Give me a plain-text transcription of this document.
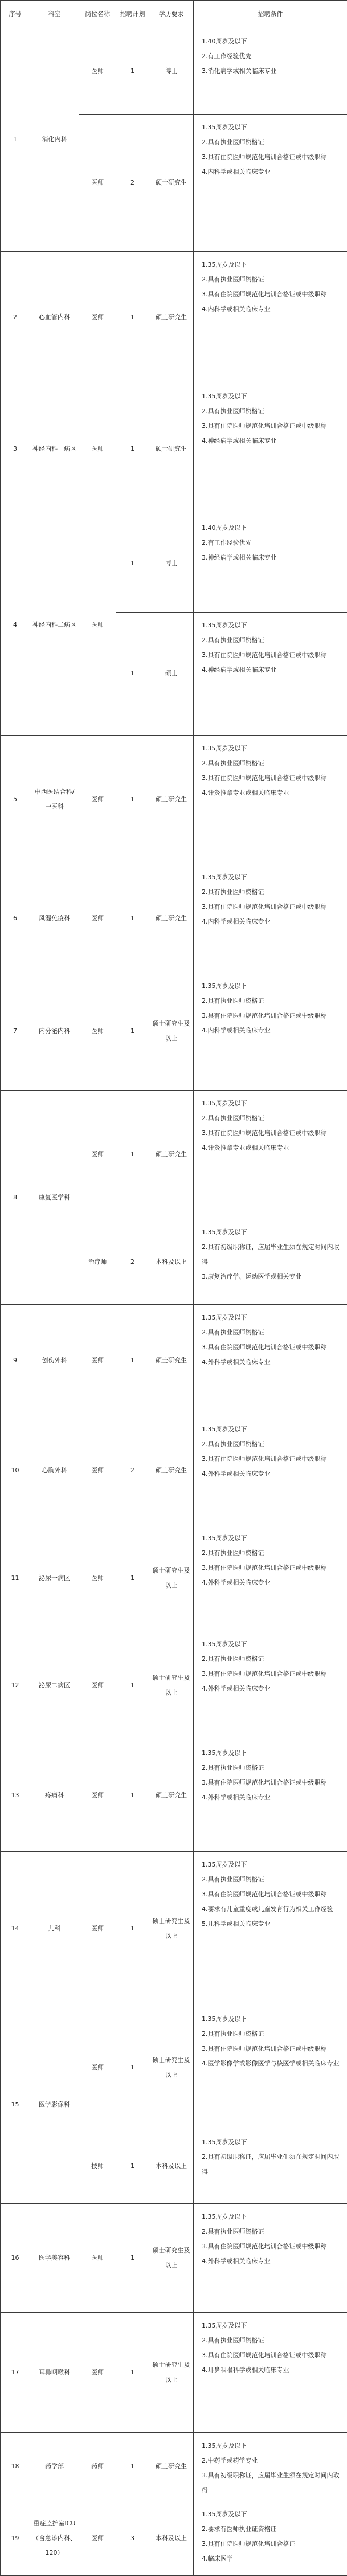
序号	科室	岗位名称	招聘计划	学历要求	招聘条件
1	消化内科	医师	1	博士	1.40周岁及以下
2.有工作经验优先
3.消化病学或相关临床专业

		医师	2	硕士研究生	1.35周岁及以下
2.具有执业医师资格证
3.具有住院医师规范化培训合格证或中级职称
4.内科学或相关临床专业

2	心血管内科	医师	1	硕士研究生	1.35周岁及以下
2.具有执业医师资格证
3.具有住院医师规范化培训合格证或中级职称
4.内科学或相关临床专业

3	神经内科一病区	医师	1	硕士研究生	1.35周岁及以下
2.具有执业医师资格证
3.具有住院医师规范化培训合格证或中级职称
4.神经病学或相关临床专业

4	神经内科二病区	医师	1	博士	1.40周岁及以下
2.有工作经验优先
3.神经病学或相关临床专业

			1	硕士	1.35周岁及以下
2.具有执业医师资格证
3.具有住院医师规范化培训合格证或中级职称
4.神经病学或相关临床专业

5	中西医结合科/中医科	医师	1	硕士研究生	1.35周岁及以下
2.具有执业医师资格证
3.具有住院医师规范化培训合格证或中级职称
4.针灸推拿专业或相关临床专业

6	风湿免疫科	医师	1	硕士研究生	1.35周岁及以下
2.具有执业医师资格证
3.具有住院医师规范化培训合格证或中级职称
4.内科学或相关临床专业

7	内分泌内科	医师	1	硕士研究生及以上	1.35周岁及以下
2.具有执业医师资格证
3.具有住院医师规范化培训合格证或中级职称
4.内科学或相关临床专业

8	康复医学科	医师	1	硕士研究生	1.35周岁及以下
2.具有执业医师资格证
3.具有住院医师规范化培训合格证或中级职称
4.针灸推拿专业或相关临床专业

		治疗师	2	本科及以上	1.35周岁及以下
2.具有初级职称证，应届毕业生须在规定时间内取得
3.康复治疗学、运动医学或相关专业

9	创伤外科	医师	1	硕士研究生	1.35周岁及以下
2.具有执业医师资格证
3.具有住院医师规范化培训合格证或中级职称
4.外科学或相关临床专业

10	心胸外科	医师	2	硕士研究生	1.35周岁及以下
2.具有执业医师资格证
3.具有住院医师规范化培训合格证或中级职称
4.外科学或相关临床专业

11	泌尿一病区	医师	1	硕士研究生及以上	1.35周岁及以下
2.具有执业医师资格证
3.具有住院医师规范化培训合格证或中级职称
4.外科学或相关临床专业

12	泌尿二病区	医师	1	硕士研究生及以上	1.35周岁及以下
2.具有执业医师资格证
3.具有住院医师规范化培训合格证或中级职称
4.外科学或相关临床专业

13	疼痛科	医师	1	硕士研究生	1.35周岁及以下
2.具有执业医师资格证
3.具有住院医师规范化培训合格证或中级职称
4.外科学或相关临床专业

14	儿科	医师	1	硕士研究生及以上	1.35周岁及以下
2.具有执业医师资格证
3.具有住院医师规范化培训合格证或中级职称
4.要求有儿童重度或儿童发育行为相关工作经验
5.儿科学或相关临床专业

15	医学影像科	医师	1	硕士研究生及以上	1.35周岁及以下
2.具有执业医师资格证
3.具有住院医师规范化培训合格证或中级职称
4.医学影像学或影像医学与核医学或相关临床专业

		技师	1	本科及以上	1.35周岁及以下
2.具有初级职称证，应届毕业生须在规定时间内取得

16	医学美容科	医师	1	硕士研究生及以上	1.35周岁及以下
2.具有执业医师资格证
3.具有住院医师规范化培训合格证或中级职称
4.外科学或相关临床专业

17	耳鼻咽喉科	医师	1	硕士研究生及以上	1.35周岁及以下
2.具有执业医师资格证
3.具有住院医师规范化培训合格证或中级职称
4.耳鼻咽喉科学或相关临床专业

18	药学部	药师	1	硕士研究生	1.35周岁及以下
2.中药学或药学专业
3.具有初级职称证，应届毕业生须在规定时间内取得

19	重症监护室ICU（含急诊内科、120）	医师	3	本科及以上	1.35周岁及以下
2.要求有医师执业证资格证
3.具有住院医师规范化培训合格证
4.临床医学
